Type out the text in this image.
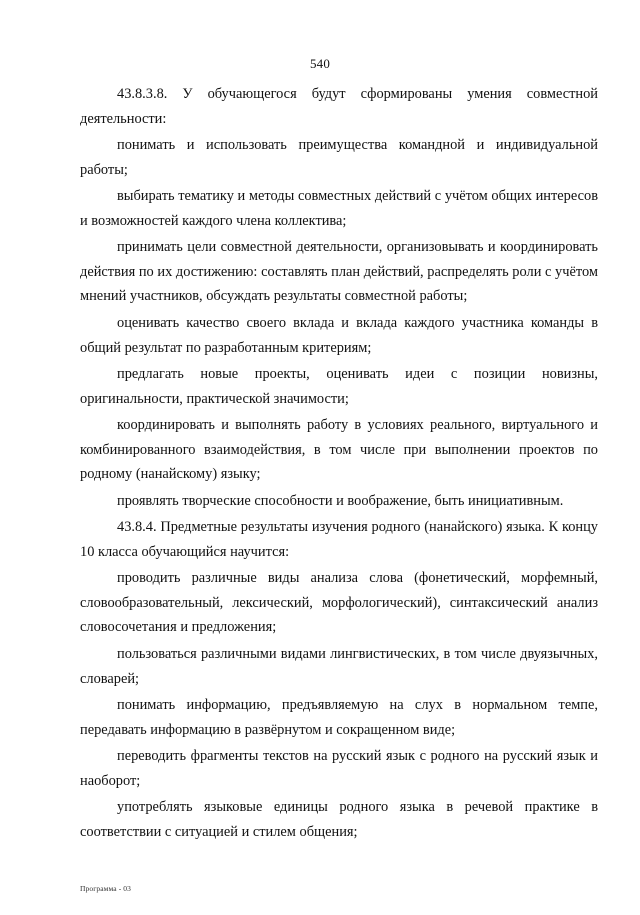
540

43.8.3.8. У обучающегося будут сформированы умения совместной деятельности:

понимать и использовать преимущества командной и индивидуальной работы;

выбирать тематику и методы совместных действий с учётом общих интересов и возможностей каждого члена коллектива;

принимать цели совместной деятельности, организовывать и координировать действия по их достижению: составлять план действий, распределять роли с учётом мнений участников, обсуждать результаты совместной работы;

оценивать качество своего вклада и вклада каждого участника команды в общий результат по разработанным критериям;

предлагать новые проекты, оценивать идеи с позиции новизны, оригинальности, практической значимости;

координировать и выполнять работу в условиях реального, виртуального и комбинированного взаимодействия, в том числе при выполнении проектов по родному (нанайскому) языку;

проявлять творческие способности и воображение, быть инициативным.

43.8.4. Предметные результаты изучения родного (нанайского) языка. К концу 10 класса обучающийся научится:

проводить различные виды анализа слова (фонетический, морфемный, словообразовательный, лексический, морфологический), синтаксический анализ словосочетания и предложения;

пользоваться различными видами лингвистических, в том числе двуязычных, словарей;

понимать информацию, предъявляемую на слух в нормальном темпе, передавать информацию в развёрнутом и сокращенном виде;

переводить фрагменты текстов на русский язык с родного на русский язык и наоборот;

употреблять языковые единицы родного языка в речевой практике в соответствии с ситуацией и стилем общения;

Программа - 03
